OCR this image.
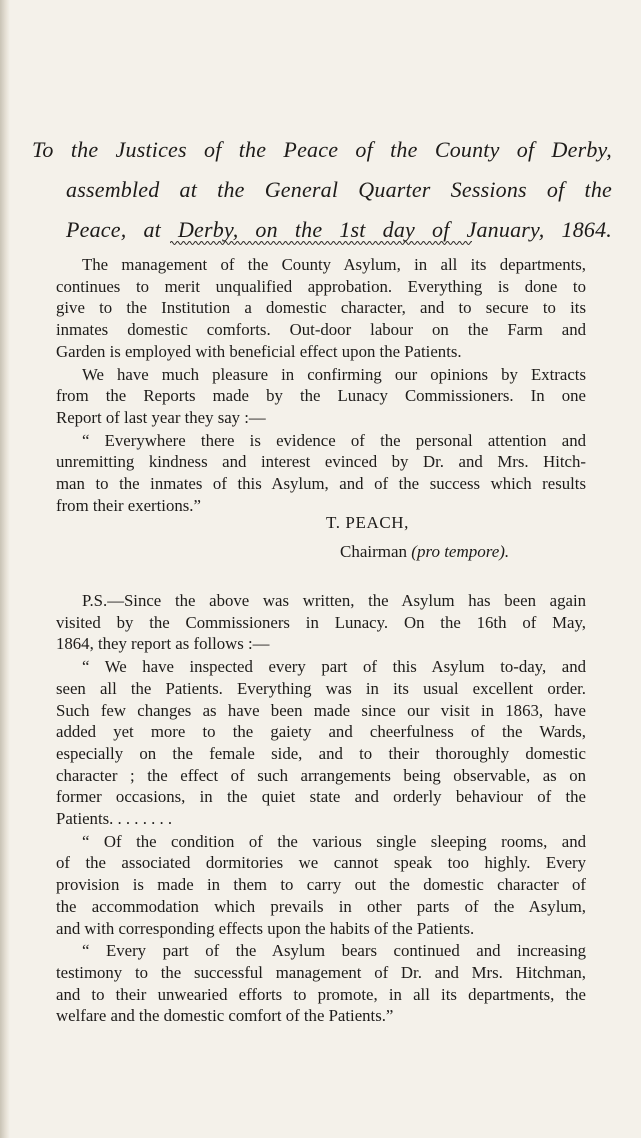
To the Justices of the Peace of the County of Derby,
assembled at the General Quarter Sessions of the
Peace, at Derby, on the 1st day of January, 1864.
The management of the County Asylum, in all its departments,
continues to merit unqualified approbation. Everything is done to
give to the Institution a domestic character, and to secure to its
inmates domestic comforts. Out-door labour on the Farm and
Garden is employed with beneficial effect upon the Patients.
We have much pleasure in confirming our opinions by Extracts
from the Reports made by the Lunacy Commissioners. In one
Report of last year they say :—
“ Everywhere there is evidence of the personal attention and
unremitting kindness and interest evinced by Dr. and Mrs. Hitch-
man to the inmates of this Asylum, and of the success which results
from their exertions.”
T. PEACH,
Chairman (pro tempore).
P.S.—Since the above was written, the Asylum has been again
visited by the Commissioners in Lunacy. On the 16th of May,
1864, they report as follows :—
“ We have inspected every part of this Asylum to-day, and
seen all the Patients. Everything was in its usual excellent order.
Such few changes as have been made since our visit in 1863, have
added yet more to the gaiety and cheerfulness of the Wards,
especially on the female side, and to their thoroughly domestic
character ; the effect of such arrangements being observable, as on
former occasions, in the quiet state and orderly behaviour of the
Patients. . . . . . . .
“ Of the condition of the various single sleeping rooms, and
of the associated dormitories we cannot speak too highly. Every
provision is made in them to carry out the domestic character of
the accommodation which prevails in other parts of the Asylum,
and with corresponding effects upon the habits of the Patients.
“ Every part of the Asylum bears continued and increasing
testimony to the successful management of Dr. and Mrs. Hitchman,
and to their unwearied efforts to promote, in all its departments, the
welfare and the domestic comfort of the Patients.”
